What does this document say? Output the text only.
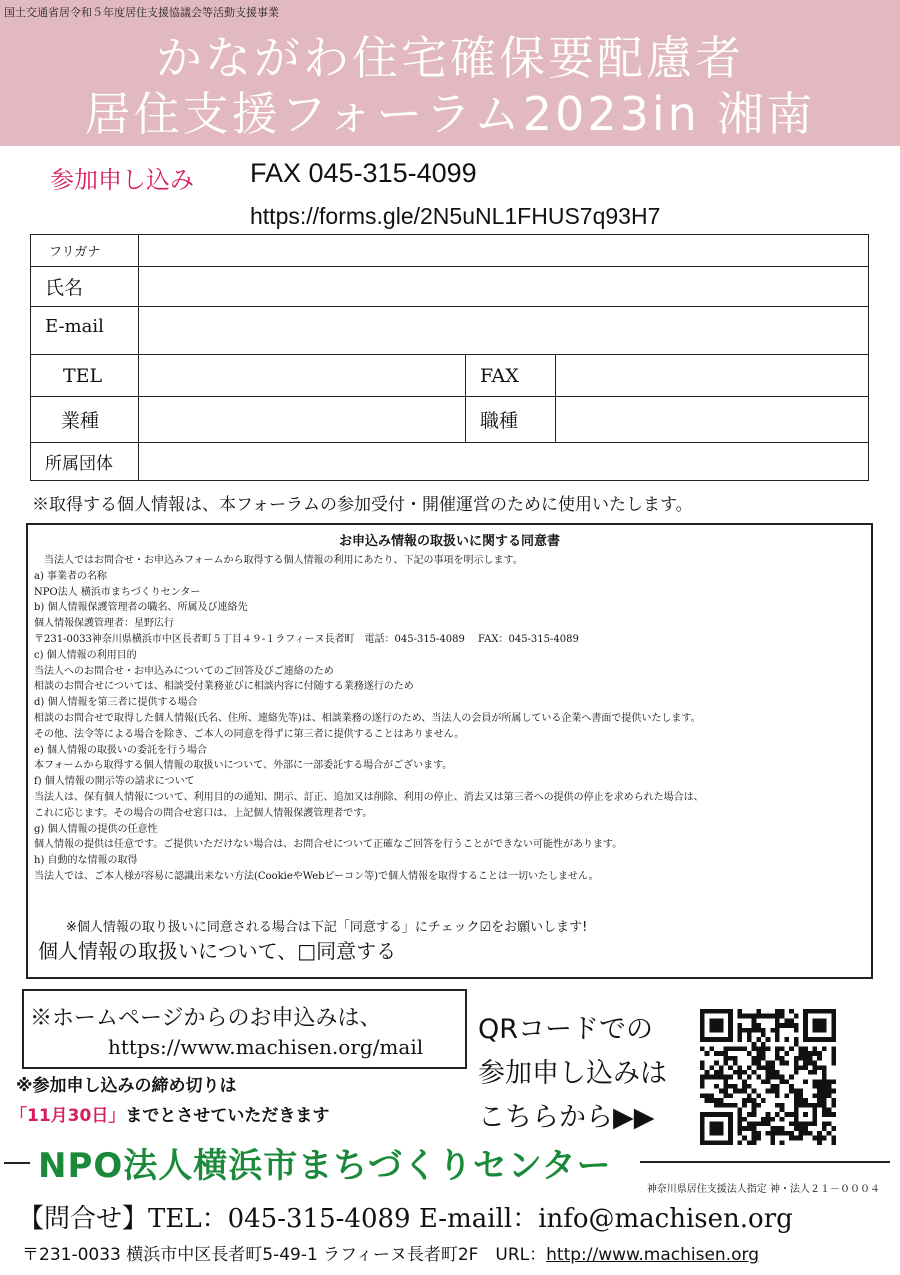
国土交通省居令和５年度居住支援協議会等活動支援事業
かながわ住宅確保要配慮者
居住支援フォーラム2023in 湘南
参加申し込み FAX 045-315-4099
https://forms.gle/2N5uNL1FHUS7q93H7
フリガナ			
氏名			
E-mail			
TEL		FAX	
業種		職種	
所属団体			
※取得する個人情報は、本フォーラムの参加受付・開催運営のために使用いたします。
お申込み情報の取扱いに関する同意書
　当法人ではお問合せ・お申込みフォームから取得する個人情報の利用にあたり、下記の事項を明示します。
a) 事業者の名称
NPO法人 横浜市まちづくりセンター
b) 個人情報保護管理者の職名、所属及び連絡先
個人情報保護管理者：星野広行
〒231-0033神奈川県横浜市中区長者町５丁目４９-１ラフィーヌ長者町　電話：045-315-4089　 FAX：045-315-4089
c) 個人情報の利用目的
当法人へのお問合せ・お申込みについてのご回答及びご連絡のため
相談のお問合せについては、相談受付業務並びに相談内容に付随する業務遂行のため
d) 個人情報を第三者に提供する場合
相談のお問合せで取得した個人情報(氏名、住所、連絡先等)は、相談業務の遂行のため、当法人の会員が所属している企業へ書面で提供いたします。
その他、法令等による場合を除き、ご本人の同意を得ずに第三者に提供することはありません。
e) 個人情報の取扱いの委託を行う場合
本フォームから取得する個人情報の取扱いについて、外部に一部委託する場合がございます。
f) 個人情報の開示等の請求について
当法人は、保有個人情報について、利用目的の通知、開示、訂正、追加又は削除、利用の停止、消去又は第三者への提供の停止を求められた場合は、
これに応じます。その場合の問合せ窓口は、上記個人情報保護管理者です。
g) 個人情報の提供の任意性
個人情報の提供は任意です。ご提供いただけない場合は、お問合せについて正確なご回答を行うことができない可能性があります。
h) 自動的な情報の取得
当法人では、ご本人様が容易に認識出来ない方法(CookieやWebビーコン等)で個人情報を取得することは一切いたしません。
※個人情報の取り扱いに同意される場合は下記「同意する」にチェック☑をお願いします!
個人情報の取扱いについて、□同意する
※ホームページからのお申込みは、
https://www.machisen.org/mail
※参加申し込みの締め切りは
「11月30日」までとさせていただきます
QRコードでの
参加申し込みは
こちらから▶▶
NPO法人横浜市まちづくりセンター
神奈川県居住支援法人指定 神・法人２１－０００４
【問合せ】TEL：045-315-4089 E-maill：info@machisen.org
〒231-0033 横浜市中区長者町5-49-1 ラフィーヌ長者町2F　URL：http://www.machisen.org
